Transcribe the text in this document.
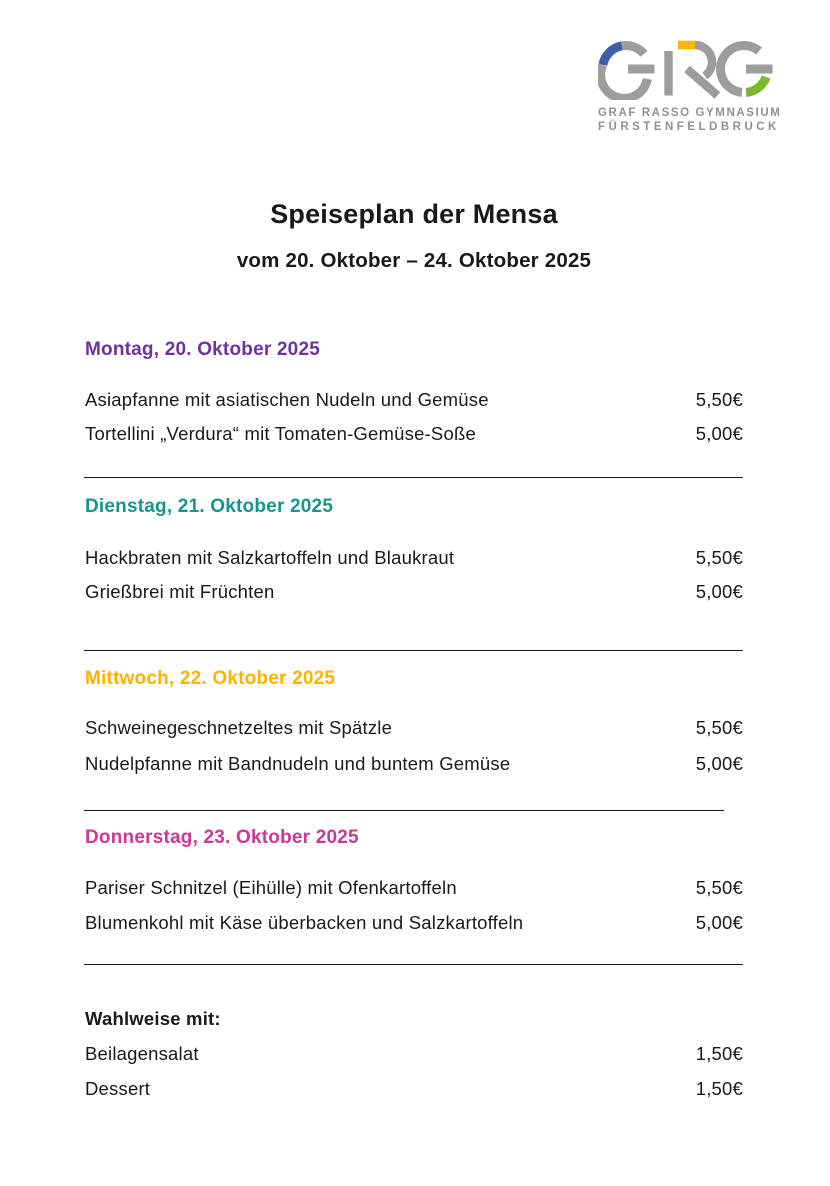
GRAF RASSO GYMNASIUM
FÜRSTENFELDBRUCK
Speiseplan der Mensa
vom 20. Oktober – 24. Oktober 2025
Montag, 20. Oktober 2025
Asiapfanne mit asiatischen Nudeln und Gemüse	5,50€
Tortellini „Verdura“ mit Tomaten-Gemüse-Soße	5,00€
Dienstag, 21. Oktober 2025
Hackbraten mit Salzkartoffeln und Blaukraut	5,50€
Grießbrei mit Früchten	5,00€
Mittwoch, 22. Oktober 2025
Schweinegeschnetzeltes mit Spätzle	5,50€
Nudelpfanne mit Bandnudeln und buntem Gemüse	5,00€
Donnerstag, 23. Oktober 2025
Pariser Schnitzel (Eihülle) mit Ofenkartoffeln	5,50€
Blumenkohl mit Käse überbacken und Salzkartoffeln	5,00€
Wahlweise mit:
Beilagensalat	1,50€
Dessert	1,50€
